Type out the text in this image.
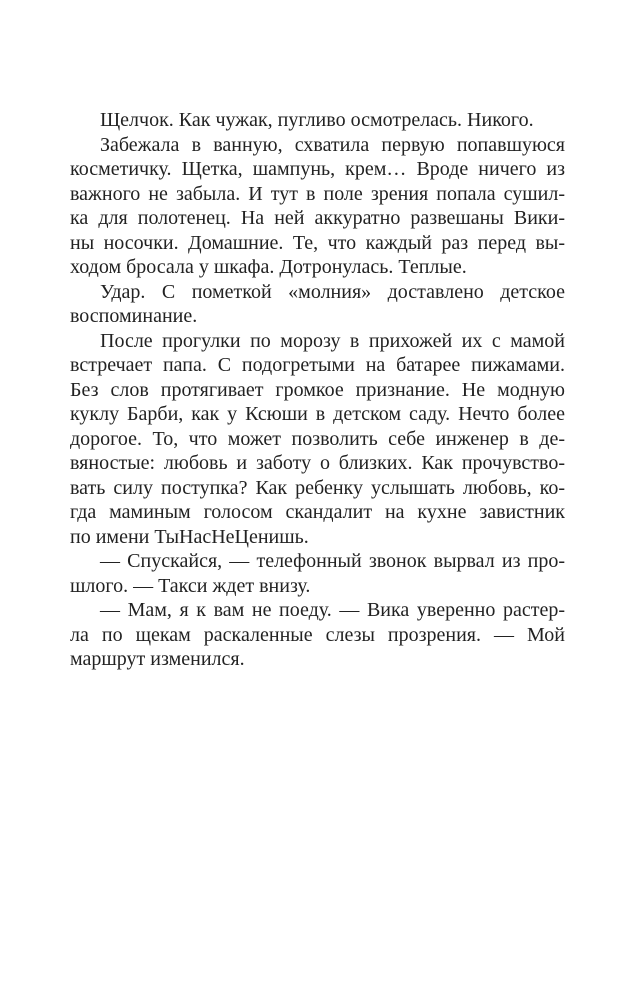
Щелчок. Как чужак, пугливо осмотрелась. Никого.
Забежала в ванную, схватила первую попавшуюся
косметичку. Щетка, шампунь, крем… Вроде ничего из
важного не забыла. И тут в поле зрения попала сушил-
ка для полотенец. На ней аккуратно развешаны Вики-
ны носочки. Домашние. Те, что каждый раз перед вы-
ходом бросала у шкафа. Дотронулась. Теплые.
Удар. С пометкой «молния» доставлено детское
воспоминание.
После прогулки по морозу в прихожей их с мамой
встречает папа. С подогретыми на батарее пижамами.
Без слов протягивает громкое признание. Не модную
куклу Барби, как у Ксюши в детском саду. Нечто более
дорогое. То, что может позволить себе инженер в де-
вяностые: любовь и заботу о близких. Как прочувство-
вать силу поступка? Как ребенку услышать любовь, ко-
гда маминым голосом скандалит на кухне завистник
по имени ТыНасНеЦенишь.
— Спускайся, — телефонный звонок вырвал из про-
шлого. — Такси ждет внизу.
— Мам, я к вам не поеду. — Вика уверенно растер-
ла по щекам раскаленные слезы прозрения. — Мой
маршрут изменился.
